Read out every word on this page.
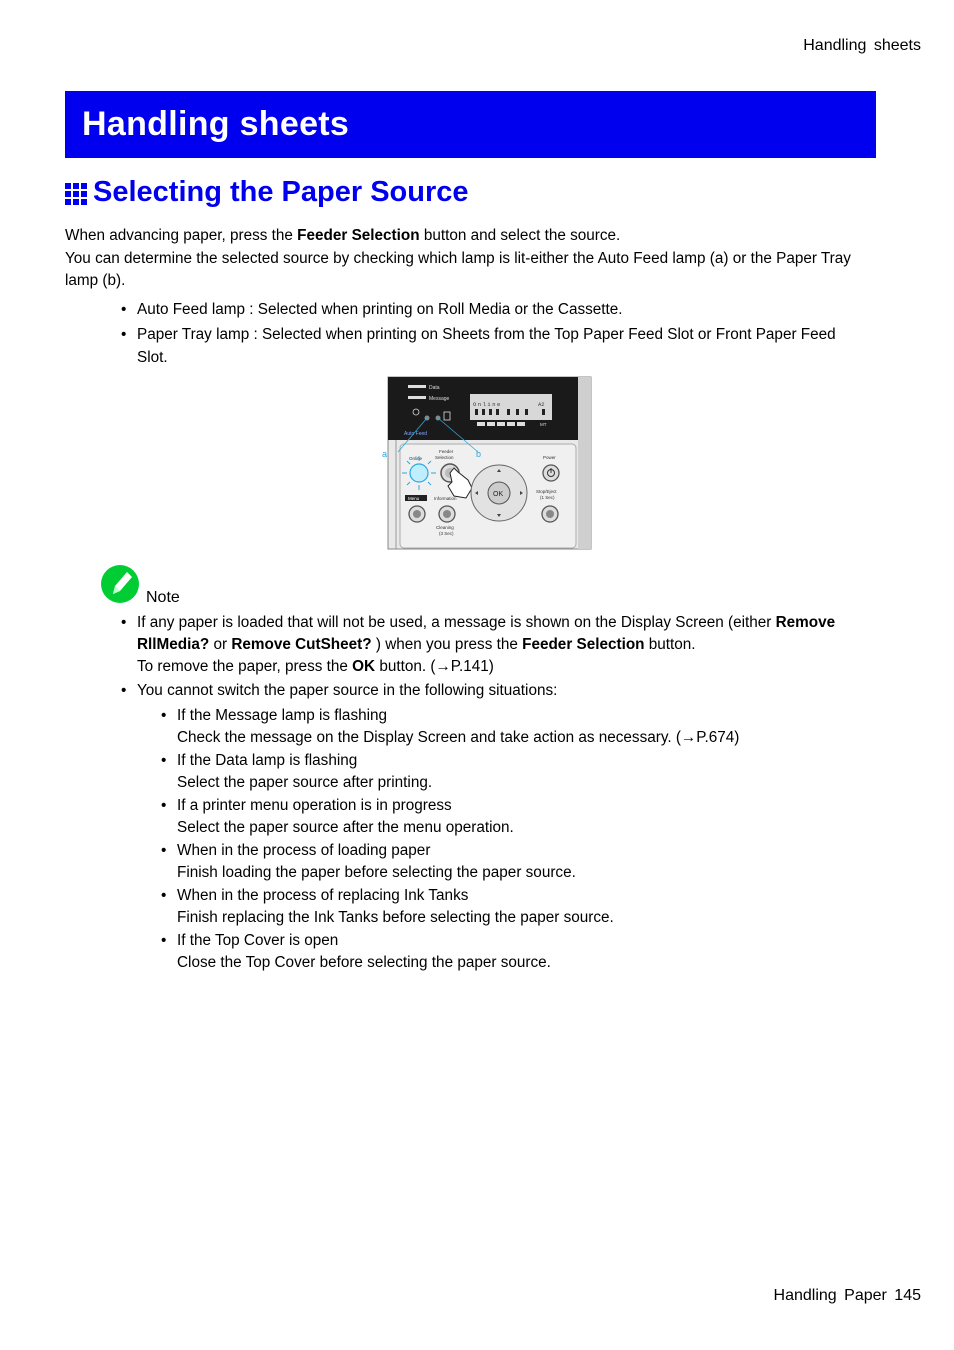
Handling sheets
Handling sheets
Selecting the Paper Source

When advancing paper, press the Feeder Selection button and select the source.

You can determine the selected source by checking which lamp is lit-either the Auto Feed lamp (a) or the Paper Tray lamp (b).

• Auto Feed lamp : Selected when printing on Roll Media or the Cassette.
• Paper Tray lamp : Selected when printing on Sheets from the Top Paper Feed Slot or Front Paper Feed Slot.
Data
Message
Online	A2
MT
Auto Feed
a	b
Online
Feeder
Selection
OK
Power
Stop/Eject
(1 Sec)
Menu	Information
Cleaning
(3 Sec)
Note
• If any paper is loaded that will not be used, a message is shown on the Display Screen (either Remove RllMedia? or Remove CutSheet? ) when you press the Feeder Selection button.
To remove the paper, press the OK button. (→P.141)
• You cannot switch the paper source in the following situations:
• If the Message lamp is flashing
Check the message on the Display Screen and take action as necessary. (→P.674)
• If the Data lamp is flashing
Select the paper source after printing.
• If a printer menu operation is in progress
Select the paper source after the menu operation.
• When in the process of loading paper
Finish loading the paper before selecting the paper source.
• When in the process of replacing Ink Tanks
Finish replacing the Ink Tanks before selecting the paper source.
• If the Top Cover is open
Close the Top Cover before selecting the paper source.
Handling Paper 145
